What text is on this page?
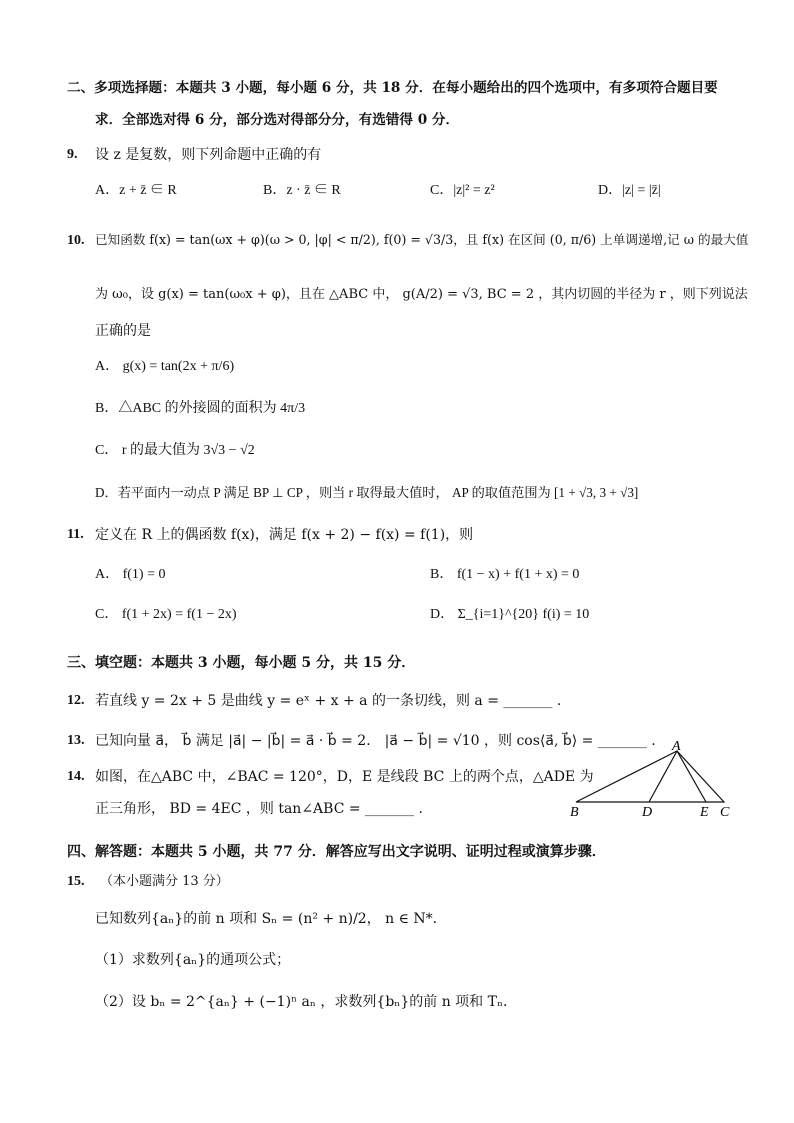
二、多项选择题：本题共 3 小题，每小题 6 分，共 18 分．在每小题给出的四个选项中，有多项符合题目要
求．全部选对得 6 分，部分选对得部分分，有选错得 0 分．
9. 设 z 是复数，则下列命题中正确的有
A．z + z̄ ∈ R	B．z · z̄ ∈ R	C．|z|² = z²	D．|z| = |z̄|
10. 已知函数 f(x) = tan(ωx + φ)(ω > 0, |φ| < π/2), f(0) = √3/3，且 f(x) 在区间 (0, π/6) 上单调递增,记 ω 的最大值
为 ω₀，设 g(x) = tan(ω₀x + φ)，且在 △ABC 中， g(A/2) = √3, BC = 2 ，其内切圆的半径为 r ，则下列说法
正确的是
A． g(x) = tan(2x + π/6)
B．△ABC 的外接圆的面积为 4π/3
C． r 的最大值为 3√3 − √2
D．若平面内一动点 P 满足 BP ⊥ CP ，则当 r 取得最大值时， AP 的取值范围为 [1 + √3, 3 + √3]
11. 定义在 R 上的偶函数 f(x)，满足 f(x + 2) − f(x) = f(1)，则
A． f(1) = 0	B． f(1 − x) + f(1 + x) = 0
C． f(1 + 2x) = f(1 − 2x)	D． Σ_{i=1}^{20} f(i) = 10
三、填空题：本题共 3 小题，每小题 5 分，共 15 分．
12. 若直线 y = 2x + 5 是曲线 y = eˣ + x + a 的一条切线，则 a = _______ .
13. 已知向量 a⃗， b⃗ 满足 |a⃗| − |b⃗| = a⃗ · b⃗ = 2． |a⃗ − b⃗| = √10 ，则 cos⟨a⃗, b⃗⟩ = _______ .
14. 如图，在△ABC 中，∠BAC = 120°，D，E 是线段 BC 上的两个点，△ADE 为
正三角形， BD = 4EC ，则 tan∠ABC = _______ .
A
B	D	E C
四、解答题：本题共 5 小题，共 77 分．解答应写出文字说明、证明过程或演算步骤．
15. （本小题满分 13 分）
已知数列{aₙ}的前 n 项和 Sₙ = (n² + n)/2， n ∈ N*．
（1）求数列{aₙ}的通项公式；
（2）设 bₙ = 2^{aₙ} + (−1)ⁿ aₙ ，求数列{bₙ}的前 n 项和 Tₙ．
